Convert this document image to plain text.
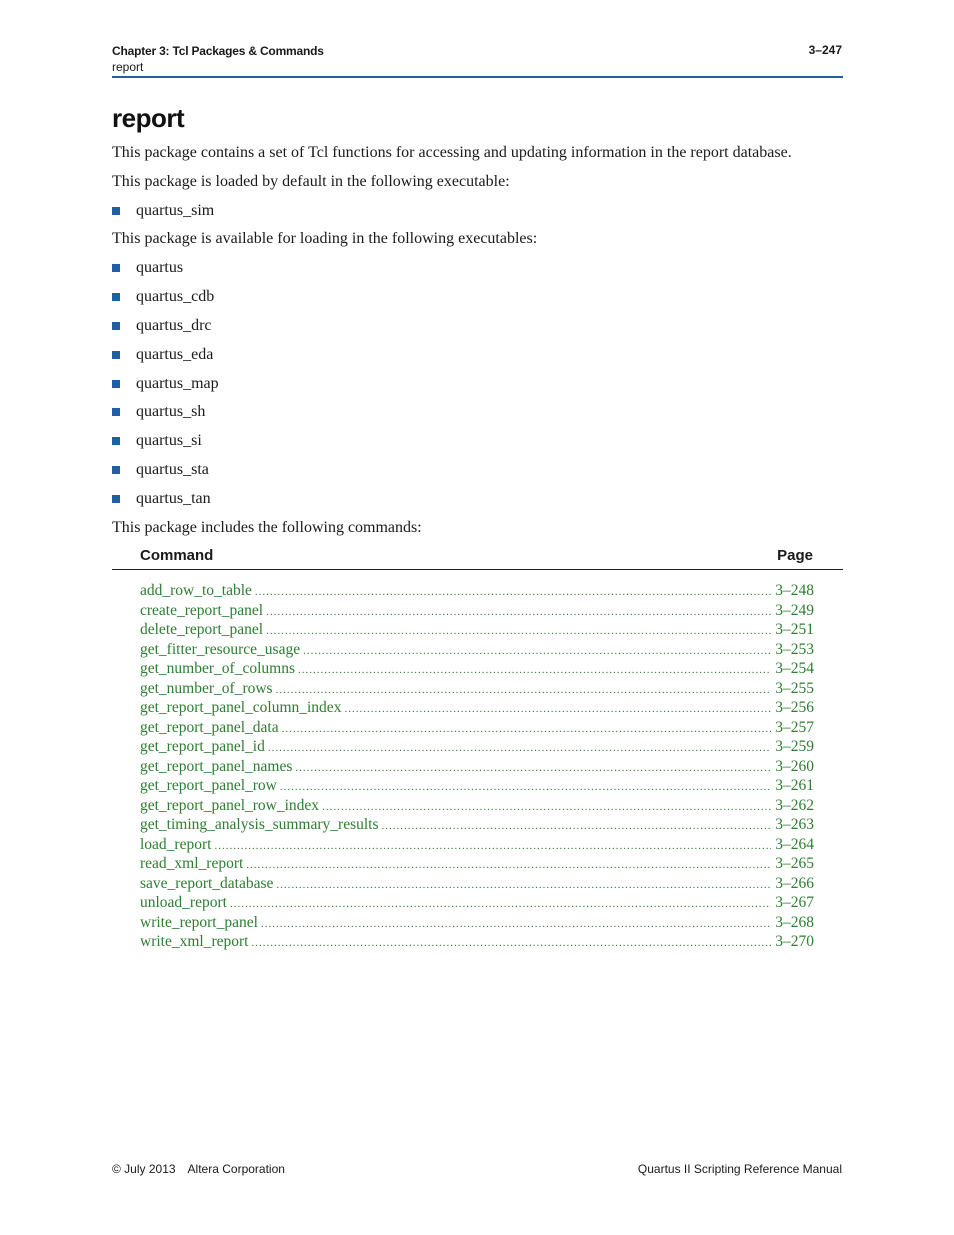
Chapter 3: Tcl Packages & Commands
report
3–247
report
This package contains a set of Tcl functions for accessing and updating information in the report database.
This package is loaded by default in the following executable:
quartus_sim
This package is available for loading in the following executables:
quartus
quartus_cdb
quartus_drc
quartus_eda
quartus_map
quartus_sh
quartus_si
quartus_sta
quartus_tan
This package includes the following commands:
Command	Page
add_row_to_table .....	3–248
create_report_panel .....	3–249
delete_report_panel .....	3–251
get_fitter_resource_usage .....	3–253
get_number_of_columns .....	3–254
get_number_of_rows .....	3–255
get_report_panel_column_index .....	3–256
get_report_panel_data .....	3–257
get_report_panel_id .....	3–259
get_report_panel_names .....	3–260
get_report_panel_row .....	3–261
get_report_panel_row_index .....	3–262
get_timing_analysis_summary_results .....	3–263
load_report .....	3–264
read_xml_report .....	3–265
save_report_database .....	3–266
unload_report .....	3–267
write_report_panel .....	3–268
write_xml_report .....	3–270
© July 2013 Altera Corporation	Quartus II Scripting Reference Manual
